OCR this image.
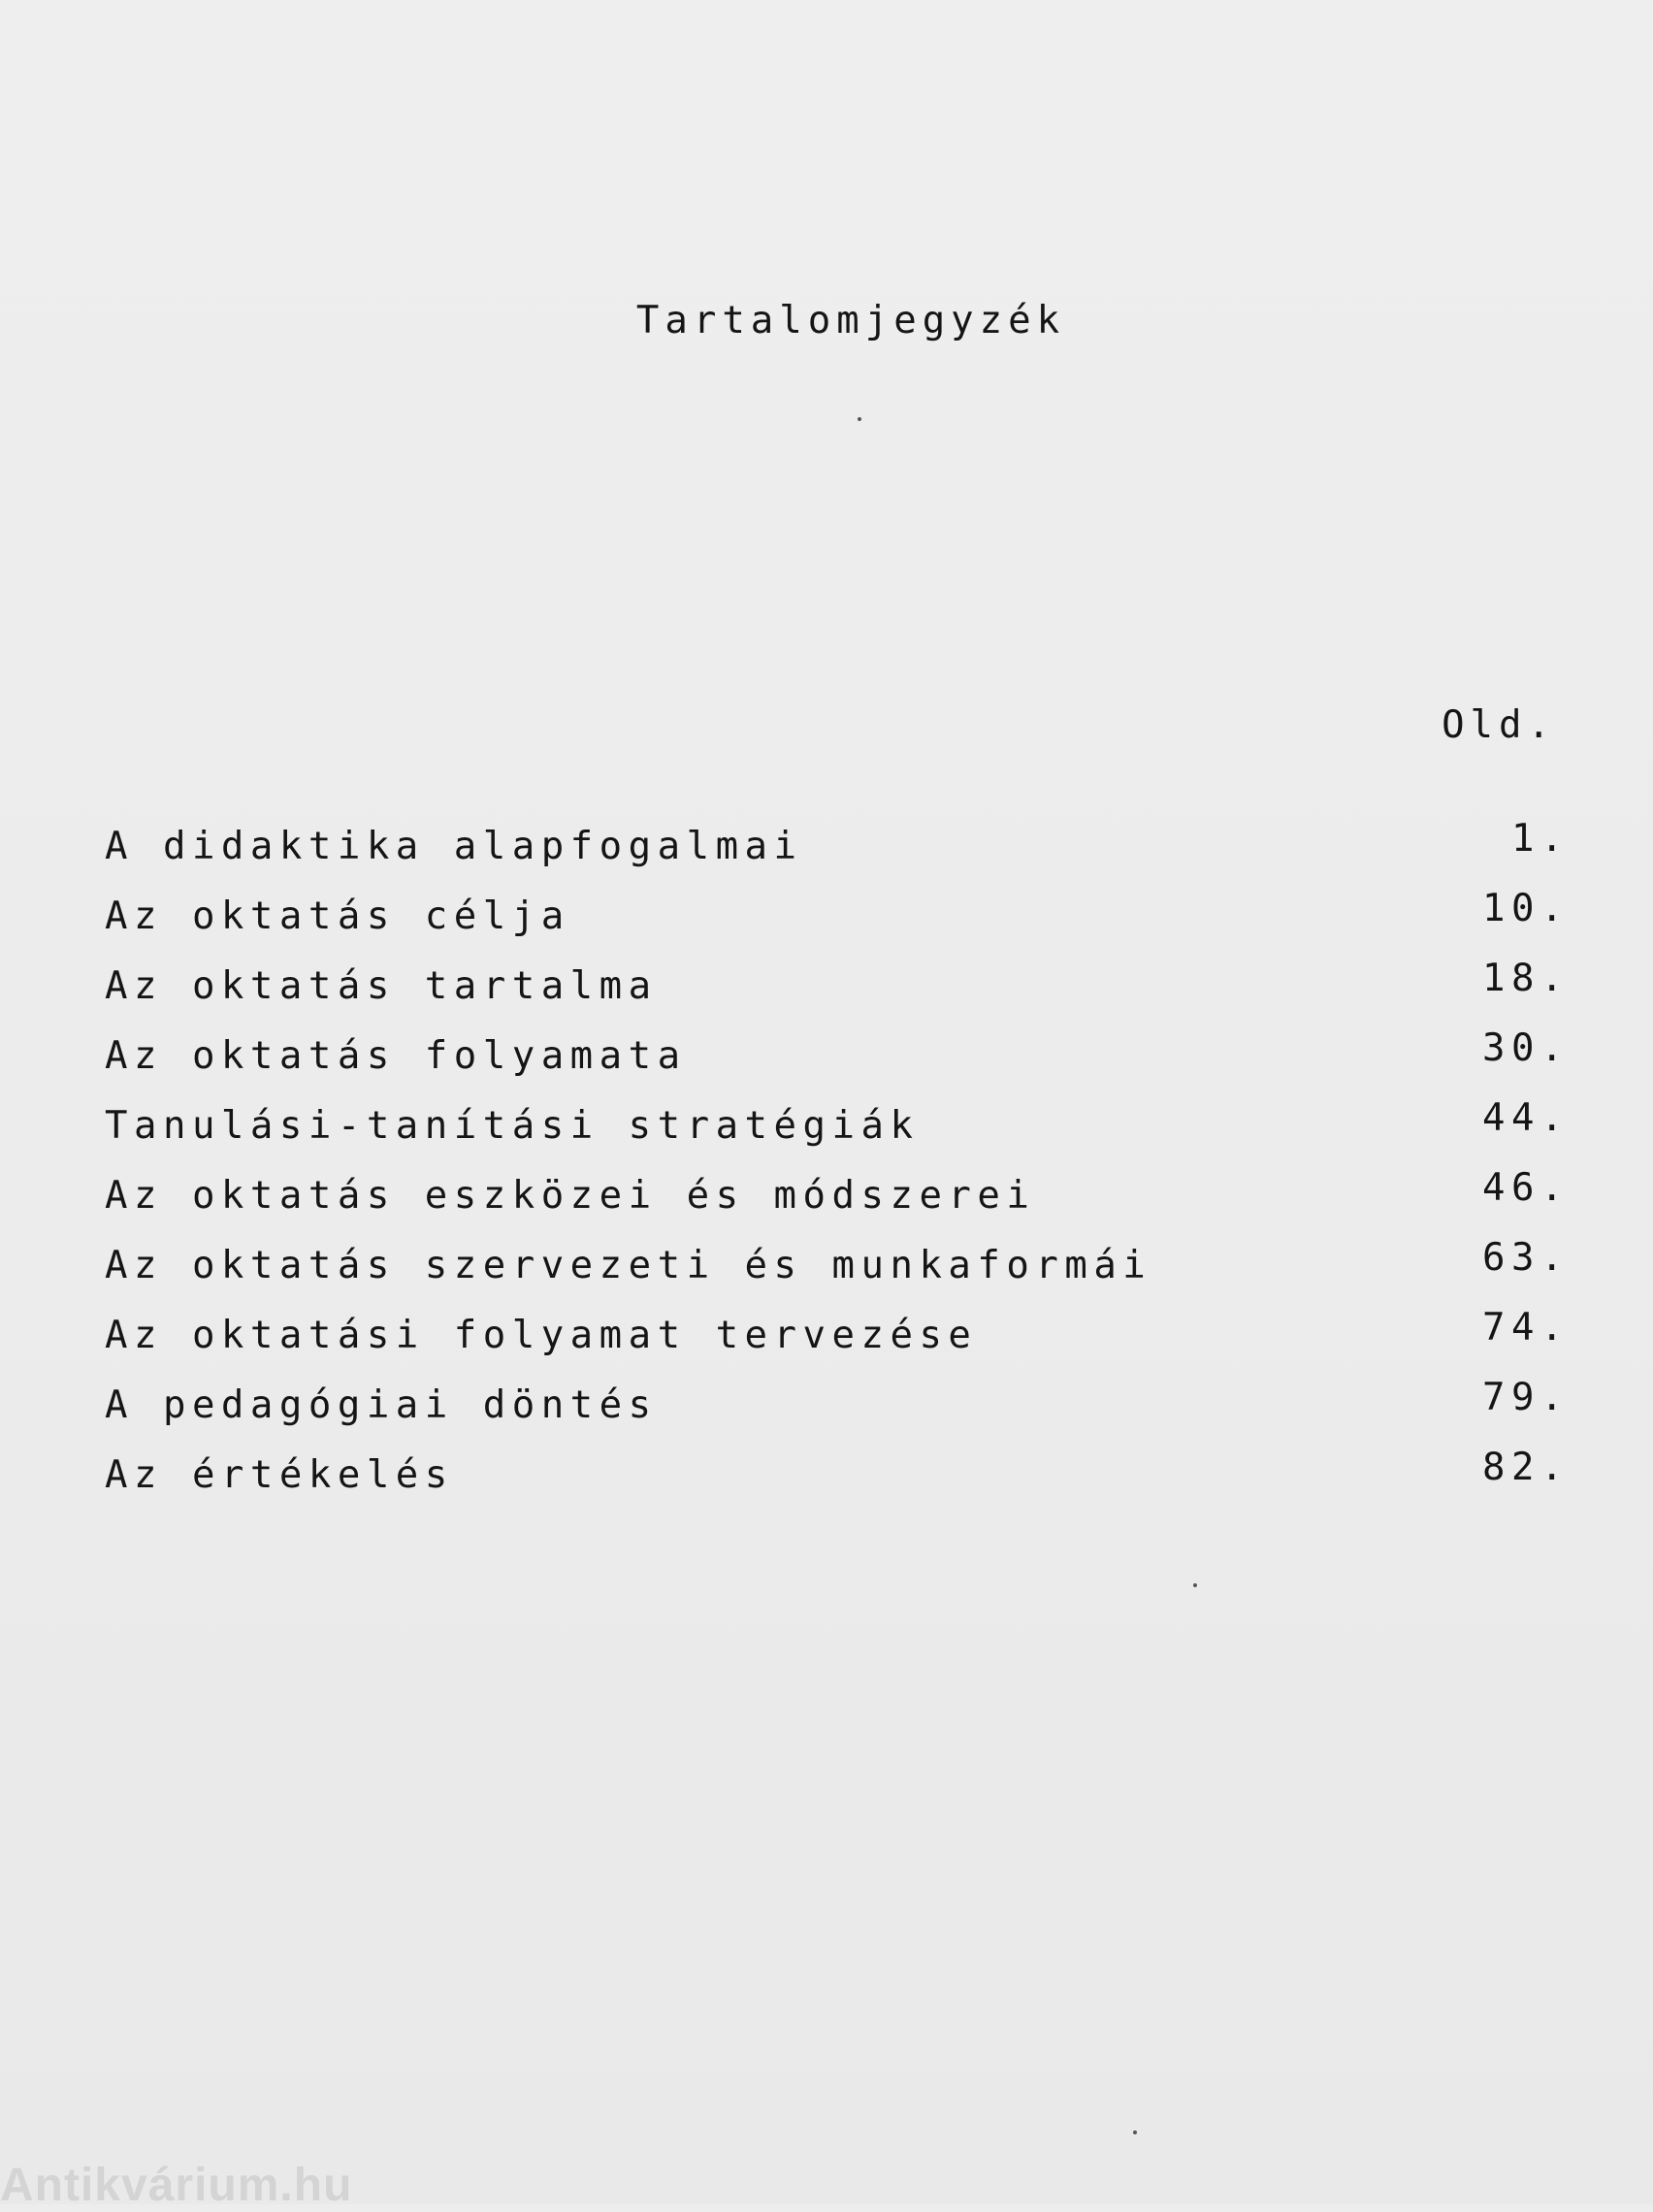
Tartalomjegyzék
Old.
A didaktika alapfogalmai	1.
Az oktatás célja	10.
Az oktatás tartalma	18.
Az oktatás folyamata	30.
Tanulási-tanítási stratégiák	44.
Az oktatás eszközei és módszerei	46.
Az oktatás szervezeti és munkaformái	63.
Az oktatási folyamat tervezése	74.
A pedagógiai döntés	79.
Az értékelés	82.
Antikvárium.hu
